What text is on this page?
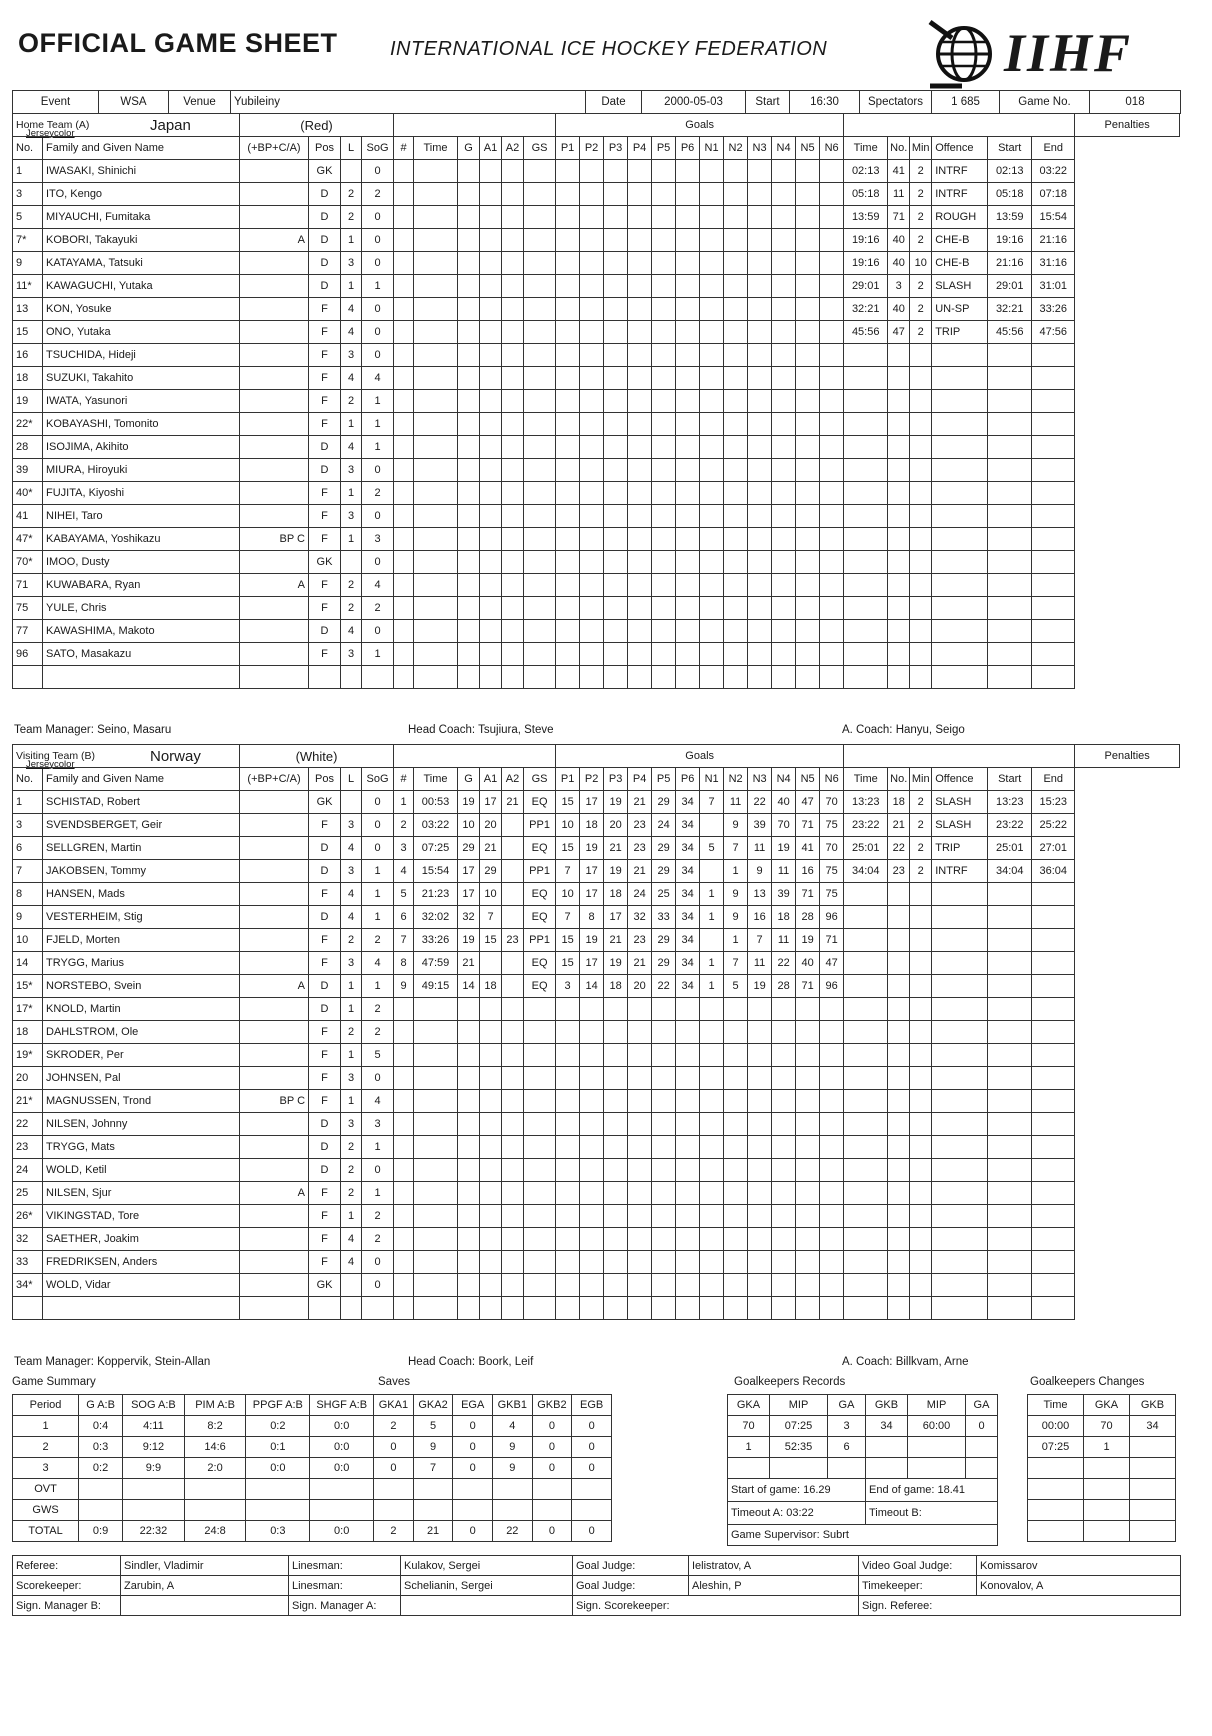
OFFICIAL GAME SHEET	INTERNATIONAL ICE HOCKEY FEDERATION	IIHF
Event	WSA	Venue	Yubileiny	Date	2000-05-03	Start	16:30	Spectators	1 685	Game No.	018
Home Team (A)
Jerseycolor Japan		(Red)										Goals																		Penalties
No.	Family and Given Name	(+BP+C/A)	Pos	L	SoG	#	Time	G	A1	A2	GS	P1	P2	P3	P4	P5	P6	N1	N2	N3	N4	N5	N6	Time	No.	Min	Offence	Start	End	
1	IWASAKI, Shinichi		GK		0																			02:13	41	2	INTRF	02:13	03:22	
3	ITO, Kengo		D	2	2																			05:18	11	2	INTRF	05:18	07:18	
5	MIYAUCHI, Fumitaka		D	2	0																			13:59	71	2	ROUGH	13:59	15:54	
7*	KOBORI, Takayuki	A	D	1	0																			19:16	40	2	CHE-B	19:16	21:16	
9	KATAYAMA, Tatsuki		D	3	0																			19:16	40	10	CHE-B	21:16	31:16	
11*	KAWAGUCHI, Yutaka		D	1	1																			29:01	3	2	SLASH	29:01	31:01	
13	KON, Yosuke		F	4	0																			32:21	40	2	UN-SP	32:21	33:26	
15	ONO, Yutaka		F	4	0																			45:56	47	2	TRIP	45:56	47:56	
16	TSUCHIDA, Hideji		F	3	0																									
18	SUZUKI, Takahito		F	4	4																									
19	IWATA, Yasunori		F	2	1																									
22*	KOBAYASHI, Tomonito		F	1	1																									
28	ISOJIMA, Akihito		D	4	1																									
39	MIURA, Hiroyuki		D	3	0																									
40*	FUJITA, Kiyoshi		F	1	2																									
41	NIHEI, Taro		F	3	0																									
47*	KABAYAMA, Yoshikazu	BP C	F	1	3																									
70*	IMOO, Dusty		GK		0																									
71	KUWABARA, Ryan	A	F	2	4																									
75	YULE, Chris		F	2	2																									
77	KAWASHIMA, Makoto		D	4	0																									
96	SATO, Masakazu		F	3	1																									

Team Manager: Seino, Masaru	Head Coach: Tsujiura, Steve	A. Coach: Hanyu, Seigo
Visiting Team (B)
Jerseycolor Norway		(White)										Goals																		Penalties
No.	Family and Given Name	(+BP+C/A)	Pos	L	SoG	#	Time	G	A1	A2	GS	P1	P2	P3	P4	P5	P6	N1	N2	N3	N4	N5	N6	Time	No.	Min	Offence	Start	End	
1	SCHISTAD, Robert		GK		0	1	00:53	19	17	21	EQ	15	17	19	21	29	34	7	11	22	40	47	70	13:23	18	2	SLASH	13:23	15:23	
3	SVENDSBERGET, Geir		F	3	0	2	03:22	10	20		PP1	10	18	20	23	24	34		9	39	70	71	75	23:22	21	2	SLASH	23:22	25:22	
6	SELLGREN, Martin		D	4	0	3	07:25	29	21		EQ	15	19	21	23	29	34	5	7	11	19	41	70	25:01	22	2	TRIP	25:01	27:01	
7	JAKOBSEN, Tommy		D	3	1	4	15:54	17	29		PP1	7	17	19	21	29	34		1	9	11	16	75	34:04	23	2	INTRF	34:04	36:04	
8	HANSEN, Mads		F	4	1	5	21:23	17	10		EQ	10	17	18	24	25	34	1	9	13	39	71	75							
9	VESTERHEIM, Stig		D	4	1	6	32:02	32	7		EQ	7	8	17	32	33	34	1	9	16	18	28	96							
10	FJELD, Morten		F	2	2	7	33:26	19	15	23	PP1	15	19	21	23	29	34		1	7	11	19	71							
14	TRYGG, Marius		F	3	4	8	47:59	21			EQ	15	17	19	21	29	34	1	7	11	22	40	47							
15*	NORSTEBO, Svein	A	D	1	1	9	49:15	14	18		EQ	3	14	18	20	22	34	1	5	19	28	71	96							
17*	KNOLD, Martin		D	1	2																									
18	DAHLSTROM, Ole		F	2	2																									
19*	SKRODER, Per		F	1	5																									
20	JOHNSEN, Pal		F	3	0																									
21*	MAGNUSSEN, Trond	BP C	F	1	4																									
22	NILSEN, Johnny		D	3	3																									
23	TRYGG, Mats		D	2	1																									
24	WOLD, Ketil		D	2	0																									
25	NILSEN, Sjur	A	F	2	1																									
26*	VIKINGSTAD, Tore		F	1	2																									
32	SAETHER, Joakim		F	4	2																									
33	FREDRIKSEN, Anders		F	4	0																									
34*	WOLD, Vidar		GK		0																									

Team Manager: Koppervik, Stein-Allan	Head Coach: Boork, Leif	A. Coach: Billkvam, Arne
Game Summary	Saves	Goalkeepers Records	Goalkeepers Changes
Period	G A:B	SOG A:B	PIM A:B	PPGF A:B	SHGF A:B	GKA1	GKA2	EGA	GKB1	GKB2	EGB
1	0:4	4:11	8:2	0:2	0:0	2	5	0	4	0	0
2	0:3	9:12	14:6	0:1	0:0	0	9	0	9	0	0
3	0:2	9:9	2:0	0:0	0:0	0	7	0	9	0	0
OVT											
GWS											
TOTAL	0:9	22:32	24:8	0:3	0:0	2	21	0	22	0	0
GKA	MIP	GA	GKB	MIP	GA
70	07:25	3	34	60:00	0
1	52:35	6			

Start of game: 16.29			End of game: 18.41		
Timeout A: 03:22			Timeout B:		
Game Supervisor: Subrt					
Time	GKA	GKB
00:00	70	34
07:25	1	

Referee:	Sindler, Vladimir	Linesman:	Kulakov, Sergei	Goal Judge:	Ielistratov, A	Video Goal Judge:	Komissarov
Scorekeeper:	Zarubin, A	Linesman:	Schelianin, Sergei	Goal Judge:	Aleshin, P	Timekeeper:	Konovalov, A
Sign. Manager B:		Sign. Manager A:		Sign. Scorekeeper:		Sign. Referee:	
